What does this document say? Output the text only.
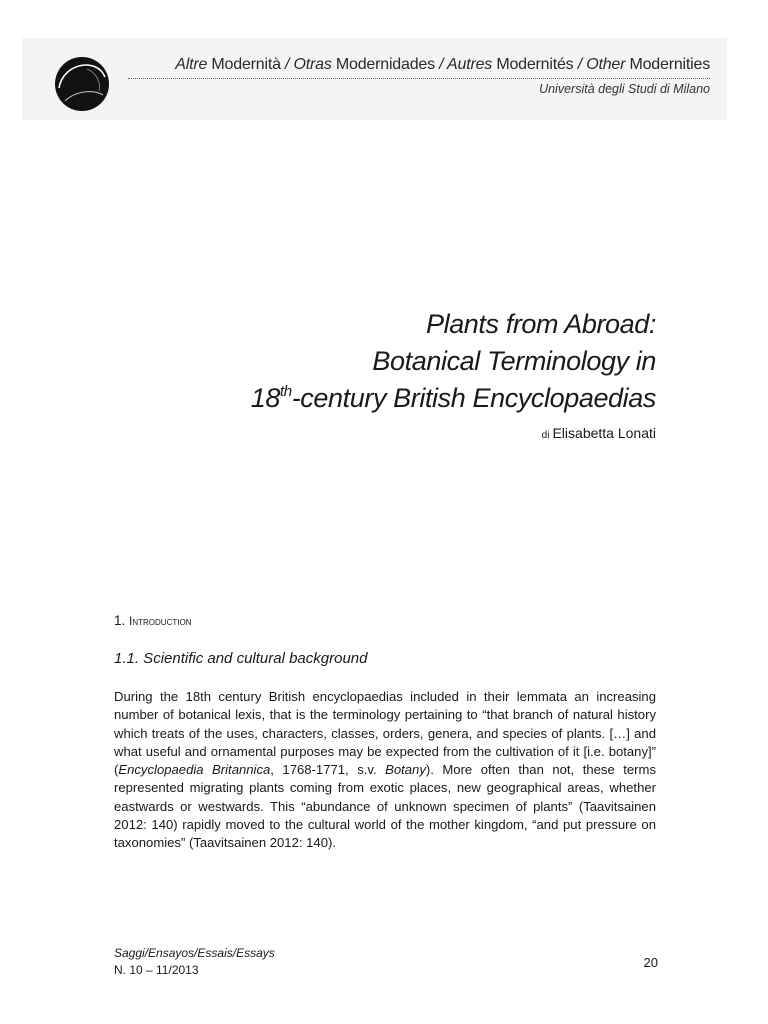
Altre Modernità / Otras Modernidades / Autres Modernités / Other Modernities
Università degli Studi di Milano
Plants from Abroad:
Botanical Terminology in
18th-century British Encyclopaedias
di Elisabetta Lonati
1. Introduction
1.1. Scientific and cultural background

During the 18th century British encyclopaedias included in their lemmata an increasing number of botanical lexis, that is the terminology pertaining to “that branch of natural history which treats of the uses, characters, classes, orders, genera, and species of plants. […] and what useful and ornamental purposes may be expected from the cultivation of it [i.e. botany]” (Encyclopaedia Britannica, 1768-1771, s.v. Botany). More often than not, these terms represented migrating plants coming from exotic places, new geographical areas, whether eastwards or westwards. This “abundance of unknown specimen of plants” (Taavitsainen 2012: 140) rapidly moved to the cultural world of the mother kingdom, “and put pressure on taxonomies” (Taavitsainen 2012: 140).

Saggi/Ensayos/Essais/Essays
N. 10 – 11/2013	20
